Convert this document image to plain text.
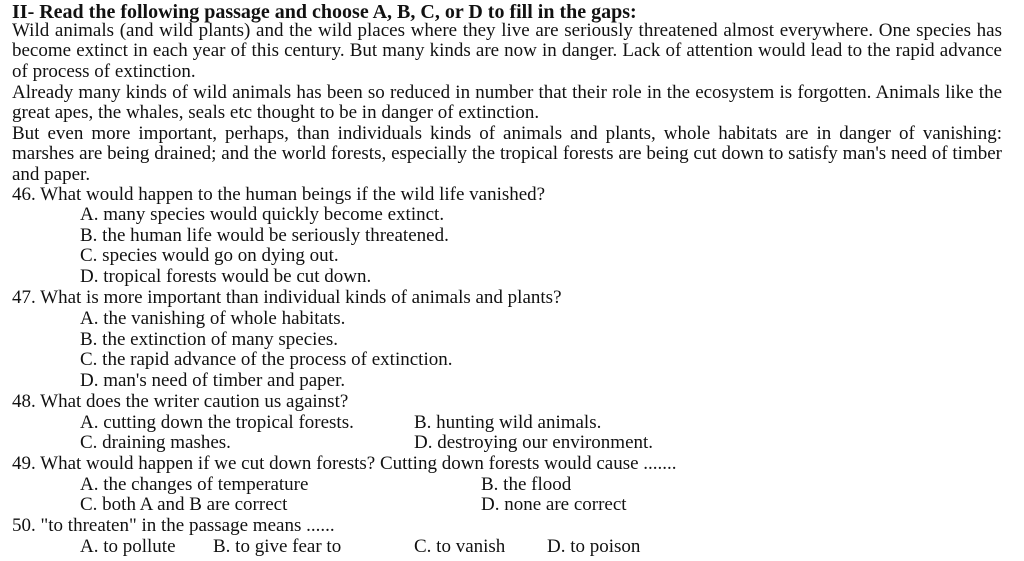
II- Read the following passage and choose A, B, C, or D to fill in the gaps:
Wild animals (and wild plants) and the wild places where they live are seriously threatened almost everywhere. One species has become extinct in each year of this century. But many kinds are now in danger. Lack of attention would lead to the rapid advance of process of extinction.
Already many kinds of wild animals has been so reduced in number that their role in the ecosystem is forgotten. Animals like the great apes, the whales, seals etc thought to be in danger of extinction.
But even more important, perhaps, than individuals kinds of animals and plants, whole habitats are in danger of vanishing: marshes are being drained; and the world forests, especially the tropical forests are being cut down to satisfy man's need of timber and paper.
46. What would happen to the human beings if the wild life vanished?
A. many species would quickly become extinct.
B. the human life would be seriously threatened.
C. species would go on dying out.
D. tropical forests would be cut down.
47. What is more important than individual kinds of animals and plants?
A. the vanishing of whole habitats.
B. the extinction of many species.
C. the rapid advance of the process of extinction.
D. man's need of timber and paper.
48. What does the writer caution us against?
A. cutting down the tropical forests.	B. hunting wild animals.
C. draining mashes.	D. destroying our environment.
49. What would happen if we cut down forests? Cutting down forests would cause .......
A. the changes of temperature	B. the flood
C. both A and B are correct	D. none are correct
50. "to threaten" in the passage means ......
A. to pollute B. to give fear to	C. to vanish D. to poison
